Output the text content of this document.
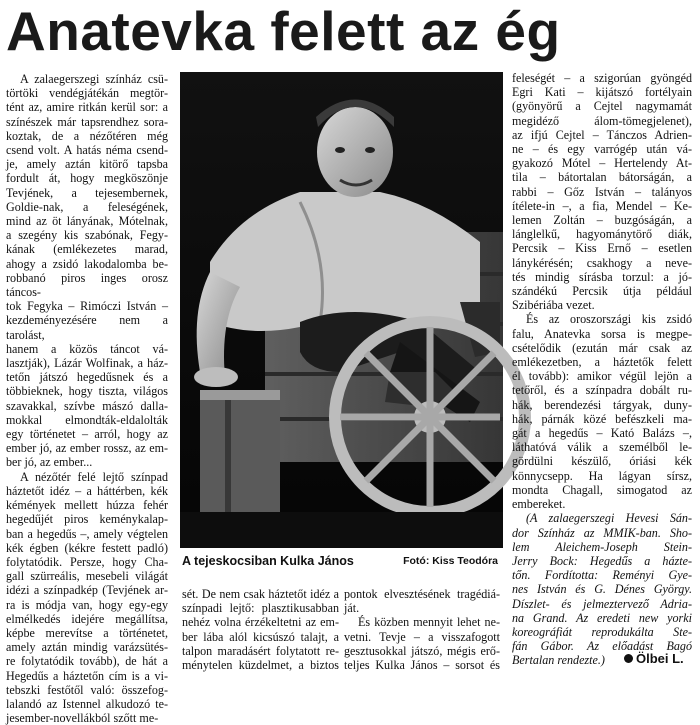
Anatevka felett az ég
A zalaegerszegi színház csü-
törtöki vendégjátékán megtör-
tént az, amire ritkán kerül sor: a
színészek már tapsrendhez sora-
koztak, de a nézőtéren még
csend volt. A hatás néma csend-
je, amely aztán kitörő tapsba
fordult át, hogy megköszönje
Tevjének, a tejesembernek,
Goldie-nak, a feleségének,
mind az öt lányának, Mótelnak,
a szegény kis szabónak, Fegy-
kának (emlékezetes marad,
ahogy a zsidó lakodalomba be-
robbanó piros inges orosz táncos-
tok Fegyka – Rimóczi István –
kezdeményezésére nem a tarolást,
hanem a közös táncot vá-
lasztják), Lázár Wolfinak, a ház-
tetőn játszó hegedűsnek és a
többieknek, hogy tiszta, világos
szavakkal, szívbe mászó dalla-
mokkal elmondták-eldalolták
egy történetet – arról, hogy az
ember jó, az ember rossz, az em-
ber jó, az ember...
A nézőtér felé lejtő színpad
háztetőt idéz – a háttérben, kék
kémények mellett húzza fehér
hegedűjét piros keménykalap-
ban a hegedűs –, amely végtelen
kék égben (kékre festett padló)
folytatódik. Persze, hogy Cha-
gall szürreális, mesebeli világát
idézi a színpadkép (Tevjének ar-
ra is módja van, hogy egy-egy
elmélkedés idejére megállítsa,
képbe merevítse a történetet,
amely aztán mindig varázsütés-
re folytatódik tovább), de hát a
Hegedűs a háztetőn cím is a vi-
tebszki festőtől való: összefog-
lalandó az Istennel alkudozó te-
jesember-novellákból szőtt me-
A tejeskocsiban Kulka János	Fotó: Kiss Teodóra
sét. De nem csak háztetőt idéz a
színpadi lejtő: plasztikusabban
nehéz volna érzékeltetni az em-
ber lába alól kicsúszó talajt, a
talpon maradásért folytatott re-
ménytelen küzdelmet, a biztos
pontok elvesztésének tragédiá-
ját.
És közben mennyit lehet ne-
vetni. Tevje – a visszafogott
gesztusokkal játszó, mégis erő-
teljes Kulka János – sorsot és
feleségét – a szigorúan gyöngéd
Egri Kati – kijátszó fortélyain
(gyönyörű a Cejtel nagymamát
megidéző álom-tömegjelenet),
az ifjú Cejtel – Tánczos Adrien-
ne – és egy varrógép után vá-
gyakozó Mótel – Hertelendy At-
tila – bátortalan bátorságán, a
rabbi – Gőz István – talányos
ítélete-in –, a fia, Mendel – Ke-
lemen Zoltán – buzgóságán, a
lánglelkű, hagyománytörő diák,
Percsik – Kiss Ernő – esetlen
lánykérésén; csakhogy a neve-
tés mindig sírásba torzul: a jó-
szándékú Percsik útja például
Szibériába vezet.
És az oroszországi kis zsidó
falu, Anatevka sorsa is megpe-
csételődik (ezután már csak az
emlékezetben, a háztetők felett
él tovább): amikor végül lejön a
tetőről, és a színpadra dobált ru-
hák, berendezési tárgyak, duny-
hák, párnák közé befészkeli ma-
gát a hegedűs – Kató Balázs –,
láthatóvá válik a személből le-
gördülni készülő, óriási kék
könnycsepp. Ha lágyan sírsz,
mondta Chagall, simogatod az
embereket.
(A zalaegerszegi Hevesi Sán-
dor Színház az MMIK-ban. Sho-
lem Aleichem-Joseph Stein-
Jerry Bock: Hegedűs a házte-
tőn. Fordította: Reményi Gye-
nes István és G. Dénes György.
Díszlet- és jelmeztervező Adria-
na Grand. Az eredeti new yorki
koreográfiát reprodukálta Ste-
fán Gábor. Az előadást Bagó
Bertalan rendezte.)	Ölbei L.
